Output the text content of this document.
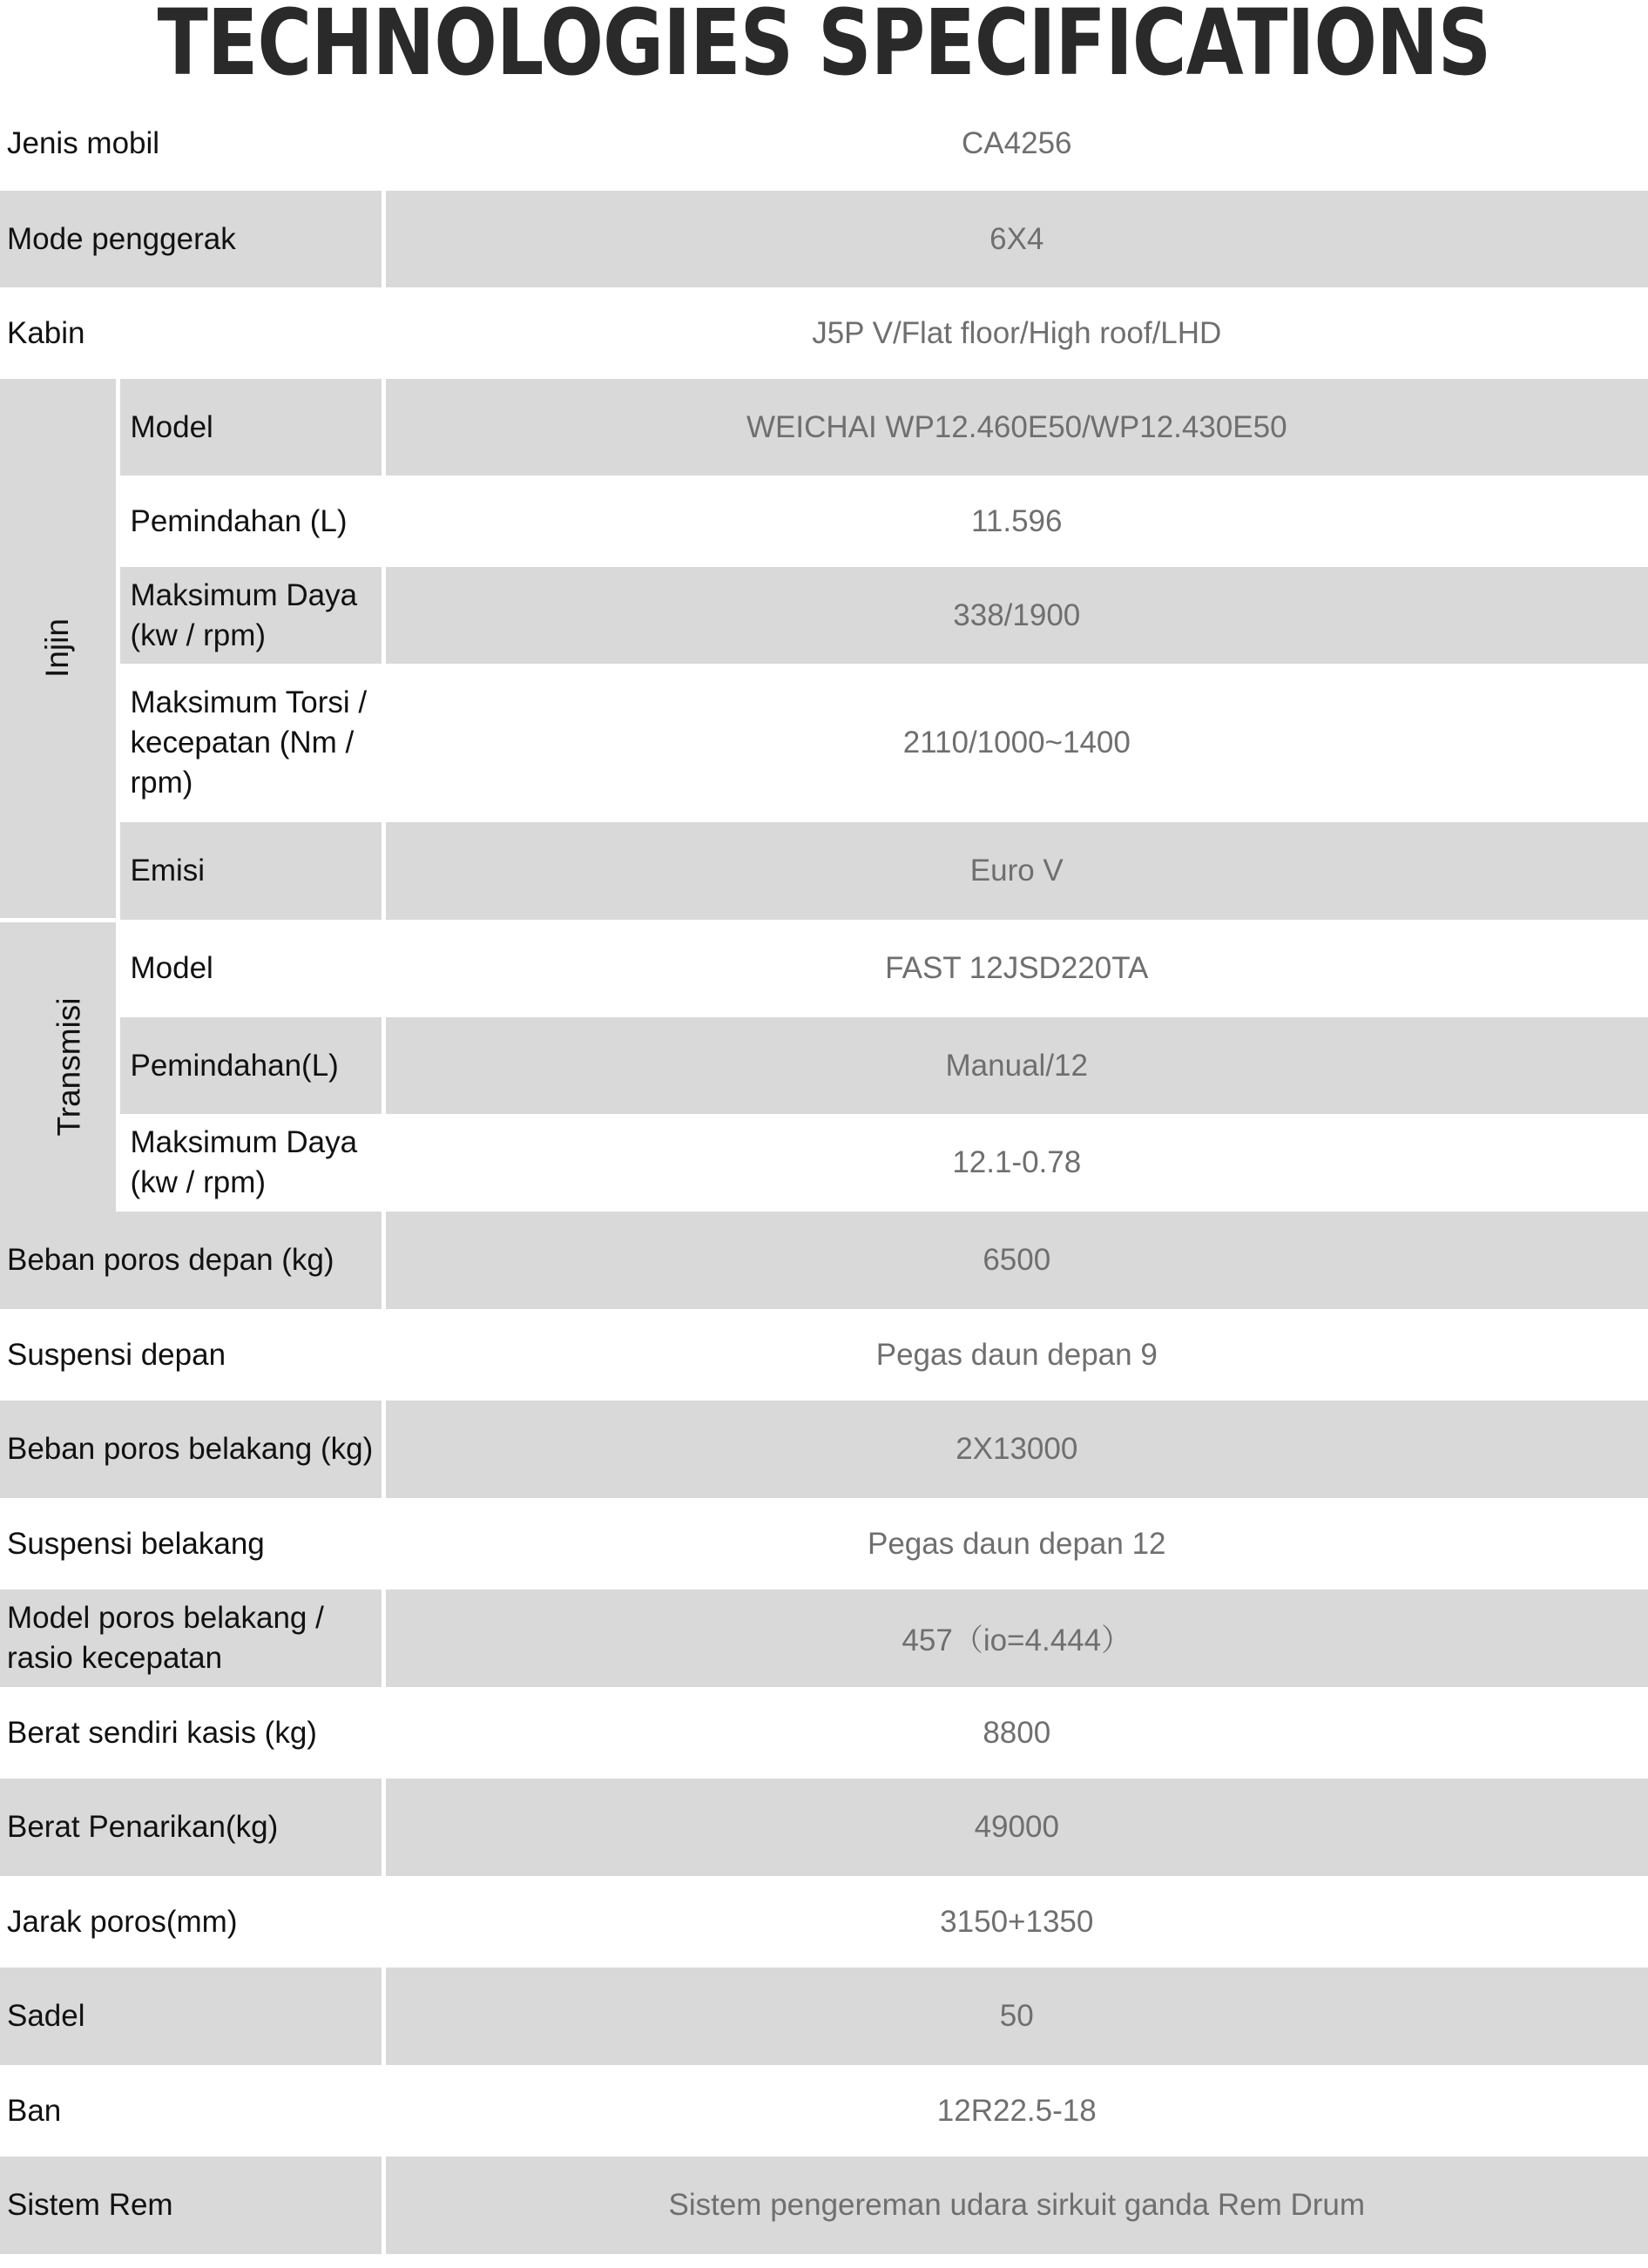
TECHNOLOGIES SPECIFICATIONS
Jenis mobil		CA4256
Mode penggerak		6X4
Kabin		J5P V/Flat floor/High roof/LHD
Injin	Model	WEICHAI WP12.460E50/WP12.430E50
	Pemindahan (L)	11.596
	Maksimum Daya (kw / rpm)	338/1900
	Maksimum Torsi / kecepatan (Nm / rpm)	2110/1000~1400
	Emisi	Euro V
Transmisi	Model	FAST 12JSD220TA
	Pemindahan(L)	Manual/12
	Maksimum Daya (kw / rpm)	12.1-0.78
Beban poros depan (kg)		6500
Suspensi depan		Pegas daun depan 9
Beban poros belakang (kg)		2X13000
Suspensi belakang		Pegas daun depan 12
Model poros belakang / rasio kecepatan		457（io=4.444）
Berat sendiri kasis (kg)		8800
Berat Penarikan(kg)		49000
Jarak poros(mm)		3150+1350
Sadel		50
Ban		12R22.5-18
Sistem Rem		Sistem pengereman udara sirkuit ganda Rem Drum
